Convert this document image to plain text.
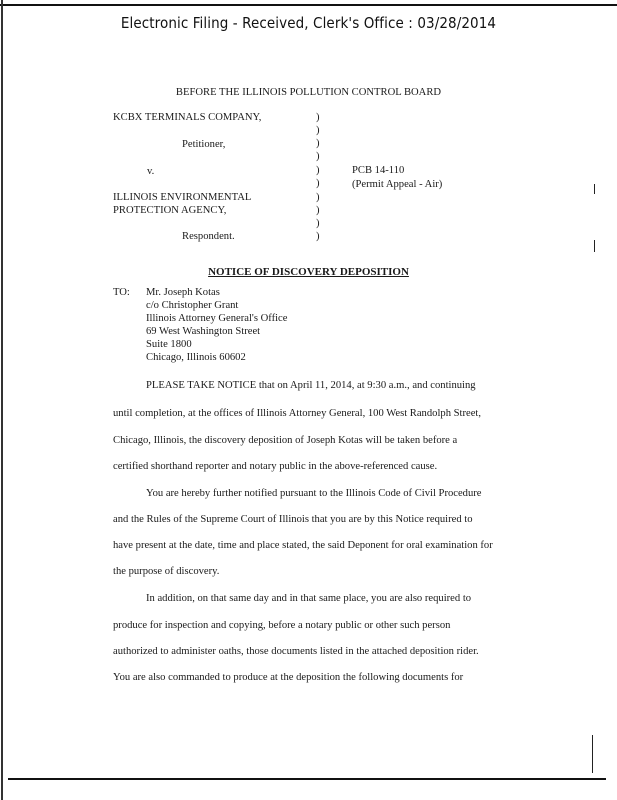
Electronic Filing - Received, Clerk's Office : 03/28/2014
BEFORE THE ILLINOIS POLLUTION CONTROL BOARD
KCBX TERMINALS COMPANY,
Petitioner,
v.
ILLINOIS ENVIRONMENTAL
PROTECTION AGENCY,
Respondent.
)
)
)
)
)
)
)
)
)
)
PCB 14-110
(Permit Appeal - Air)
NOTICE OF DISCOVERY DEPOSITION
TO: Mr. Joseph Kotas
c/o Christopher Grant
Illinois Attorney General's Office
69 West Washington Street
Suite 1800
Chicago, Illinois 60602
PLEASE TAKE NOTICE that on April 11, 2014, at 9:30 a.m., and continuing
until completion, at the offices of Illinois Attorney General, 100 West Randolph Street,
Chicago, Illinois, the discovery deposition of Joseph Kotas will be taken before a
certified shorthand reporter and notary public in the above-referenced cause.
You are hereby further notified pursuant to the Illinois Code of Civil Procedure
and the Rules of the Supreme Court of Illinois that you are by this Notice required to
have present at the date, time and place stated, the said Deponent for oral examination for
the purpose of discovery.
In addition, on that same day and in that same place, you are also required to
produce for inspection and copying, before a notary public or other such person
authorized to administer oaths, those documents listed in the attached deposition rider.
You are also commanded to produce at the deposition the following documents for
